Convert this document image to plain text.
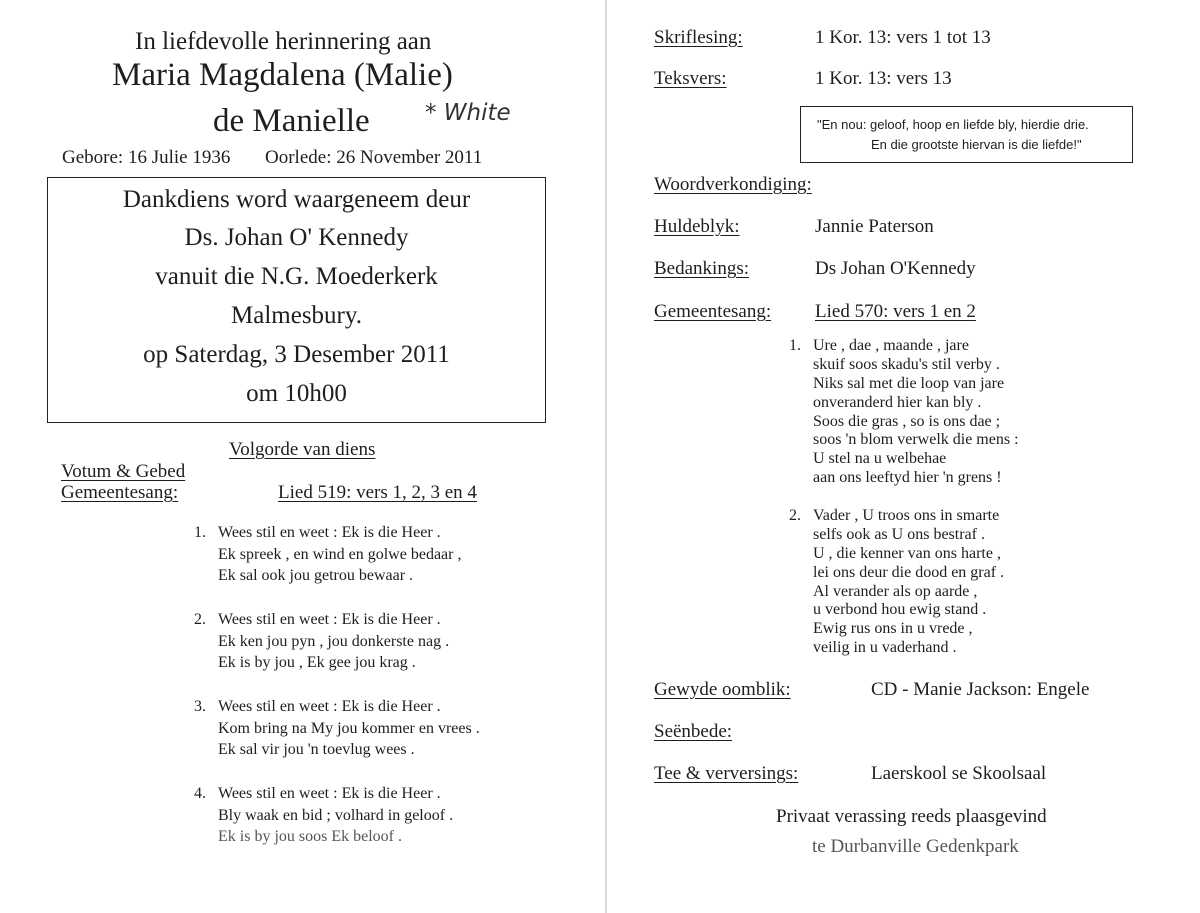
In liefdevolle herinnering aan
Maria Magdalena (Malie)
de Manielle * White
Gebore: 16 Julie 1936 Oorlede: 26 November 2011
Dankdiens word waargeneem deur
Ds. Johan O' Kennedy
vanuit die N.G. Moederkerk
Malmesbury.
op Saterdag, 3 Desember 2011
om 10h00
Volgorde van diens
Votum & Gebed
Gemeentesang:	Lied 519: vers 1, 2, 3 en 4
1. Wees stil en weet : Ek is die Heer .
Ek spreek , en wind en golwe bedaar ,
Ek sal ook jou getrou bewaar .
2. Wees stil en weet : Ek is die Heer .
Ek ken jou pyn , jou donkerste nag .
Ek is by jou , Ek gee jou krag .
3. Wees stil en weet : Ek is die Heer .
Kom bring na My jou kommer en vrees .
Ek sal vir jou 'n toevlug wees .
4. Wees stil en weet : Ek is die Heer .
Bly waak en bid ; volhard in geloof .
Ek is by jou soos Ek beloof .
Skriflesing:	1 Kor. 13: vers 1 tot 13
Teksvers:	1 Kor. 13: vers 13
"En nou: geloof, hoop en liefde bly, hierdie drie.
En die grootste hiervan is die liefde!"
Woordverkondiging:
Huldeblyk:	Jannie Paterson
Bedankings:	Ds Johan O'Kennedy
Gemeentesang: Lied 570: vers 1 en 2
1. Ure , dae , maande , jare
skuif soos skadu's stil verby .
Niks sal met die loop van jare
onveranderd hier kan bly .
Soos die gras , so is ons dae ;
soos 'n blom verwelk die mens :
U stel na u welbehae
aan ons leeftyd hier 'n grens !
2. Vader , U troos ons in smarte
selfs ook as U ons bestraf .
U , die kenner van ons harte ,
lei ons deur die dood en graf .
Al verander als op aarde ,
u verbond hou ewig stand .
Ewig rus ons in u vrede ,
veilig in u vaderhand .
Gewyde oomblik:	CD - Manie Jackson: Engele
Seënbede:
Tee & verversings:	Laerskool se Skoolsaal
Privaat verassing reeds plaasgevind
te Durbanville Gedenkpark
